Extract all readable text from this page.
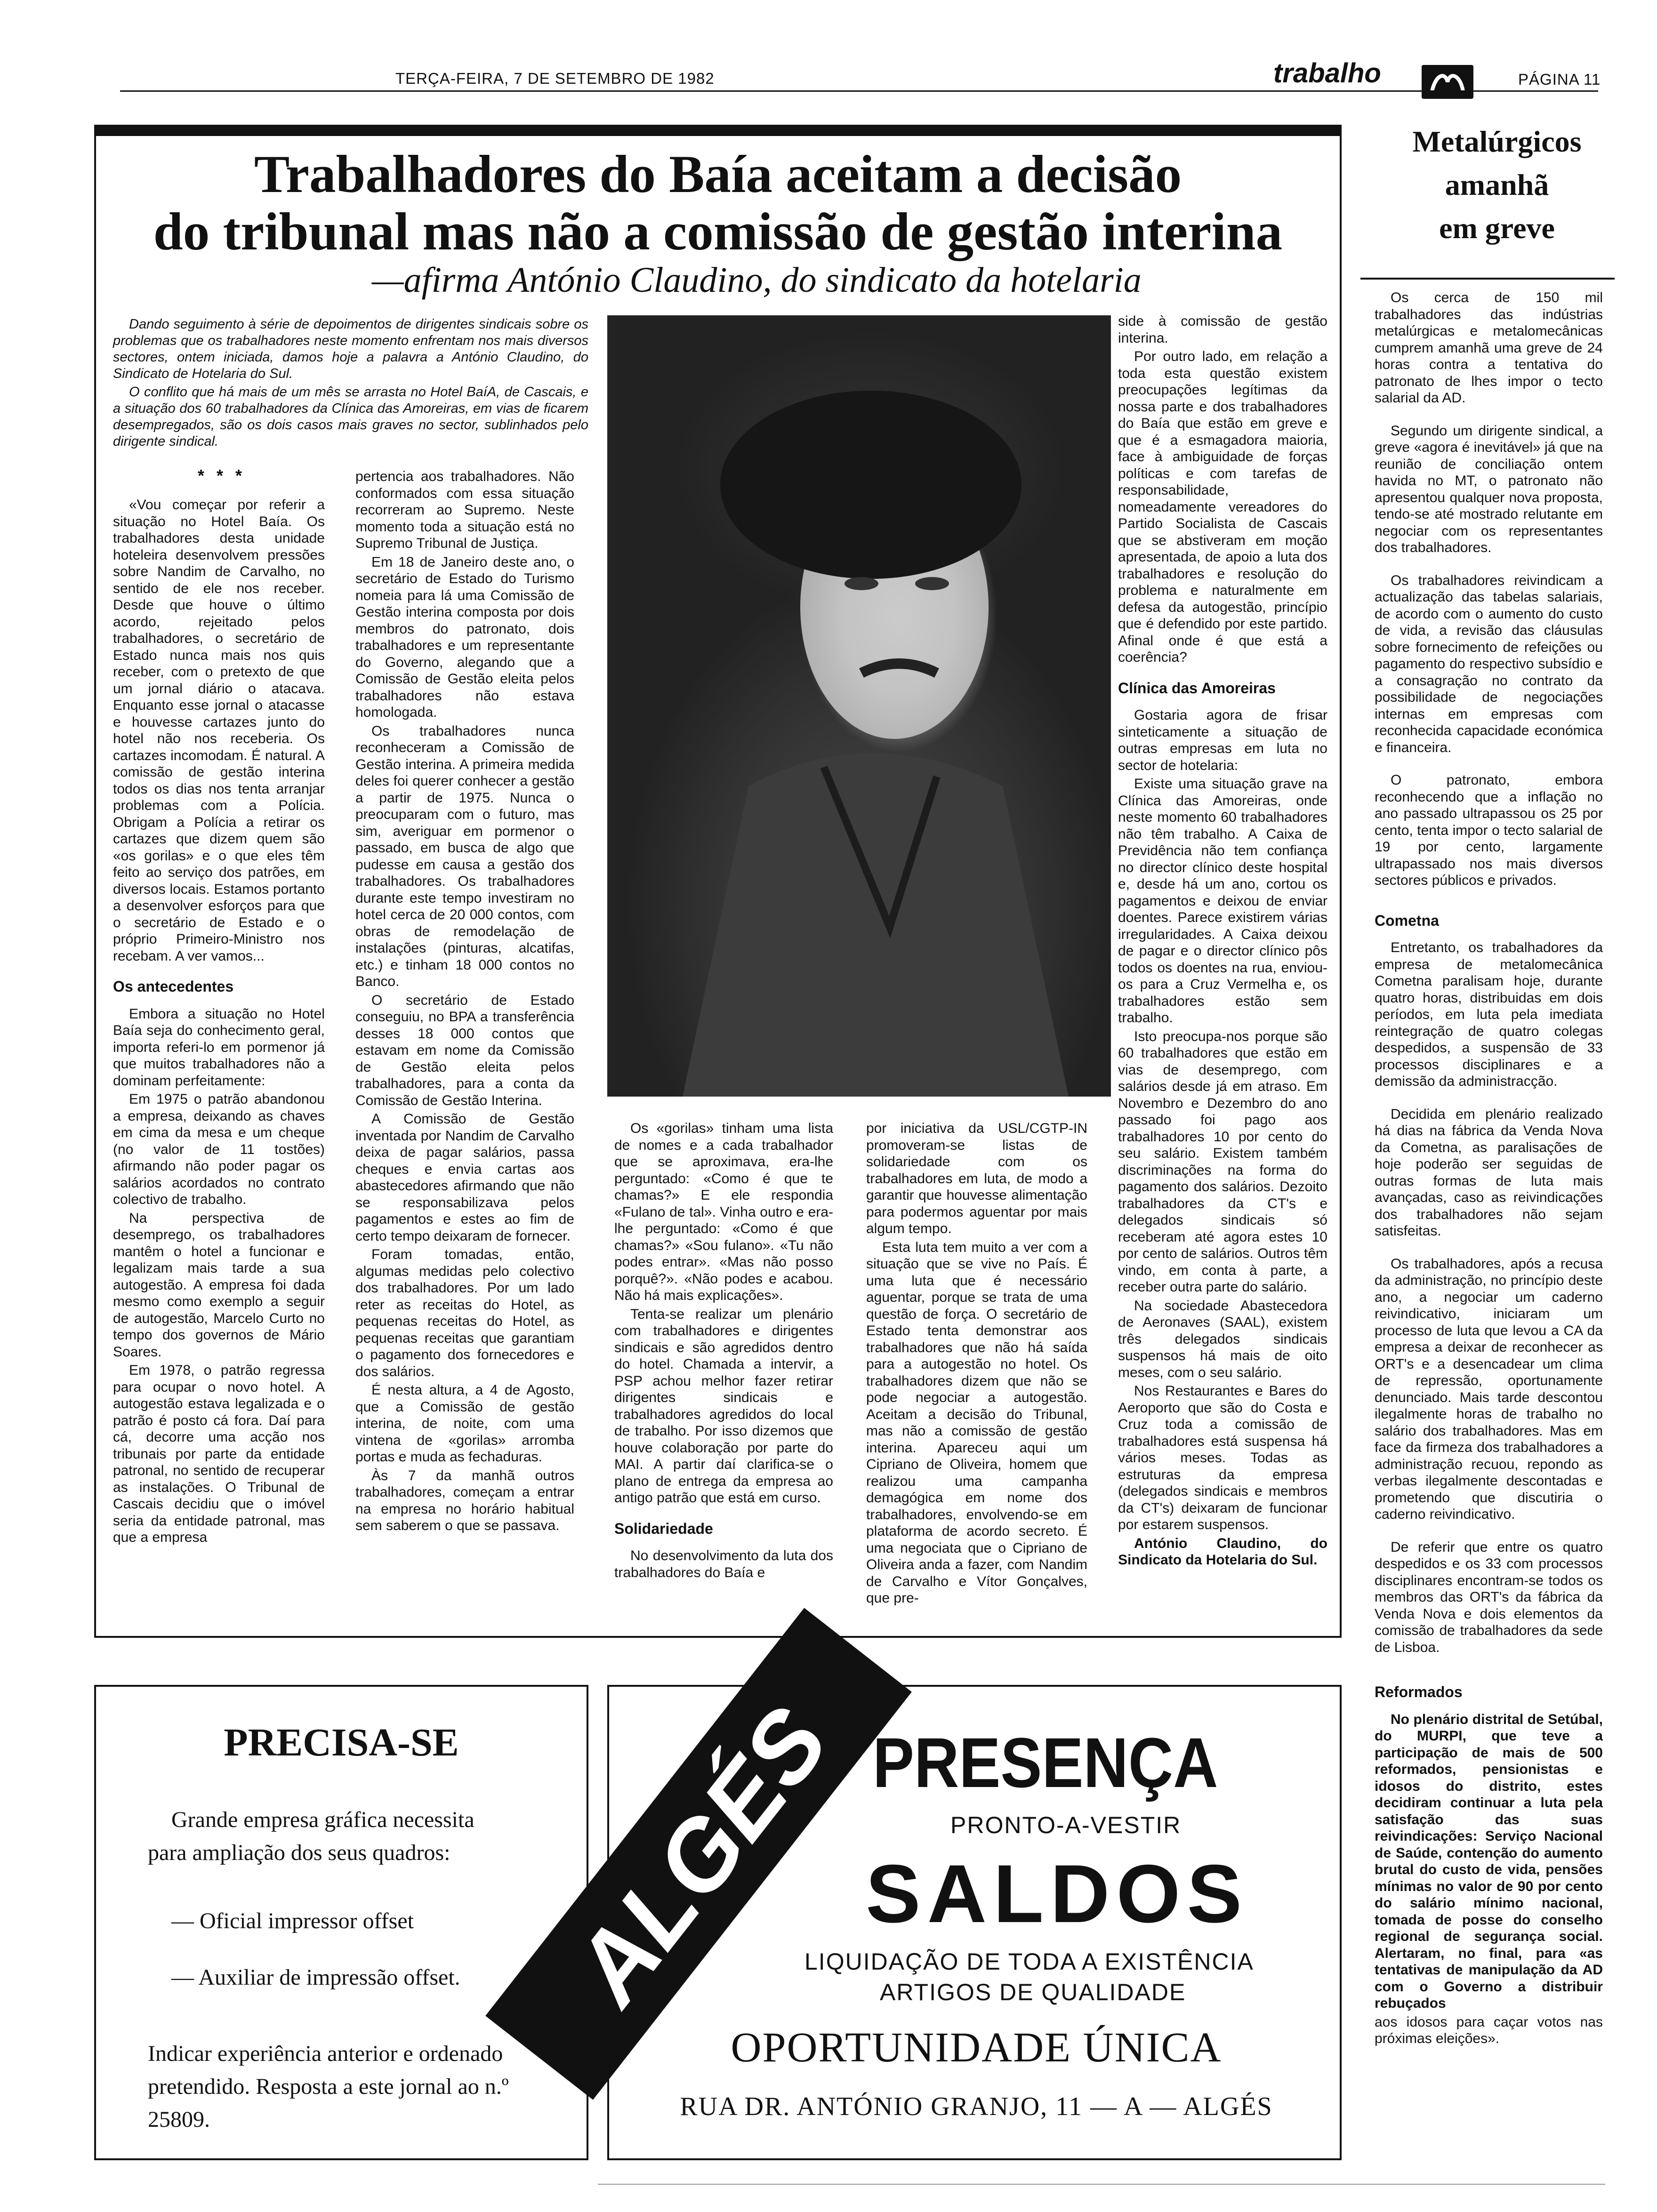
TERÇA-FEIRA, 7 DE SETEMBRO DE 1982	trabalho	PÁGINA 11
Trabalhadores do Baía aceitam a decisão
do tribunal mas não a comissão de gestão interina
—afirma António Claudino, do sindicato da hotelaria

Dando seguimento à série de depoimentos de dirigentes sindicais sobre os problemas que os trabalhadores neste momento enfrentam nos mais diversos sectores, ontem iniciada, damos hoje a palavra a António Claudino, do Sindicato de Hotelaria do Sul.

O conflito que há mais de um mês se arrasta no Hotel BaíA, de Cascais, e a situação dos 60 trabalhadores da Clínica das Amoreiras, em vias de ficarem desempregados, são os dois casos mais graves no sector, sublinhados pelo dirigente sindical.

* * *

«Vou começar por referir a situação no Hotel Baía. Os trabalhadores desta unidade hoteleira desenvolvem pressões sobre Nandim de Carvalho, no sentido de ele nos receber. Desde que houve o último acordo, rejeitado pelos trabalhadores, o secretário de Estado nunca mais nos quis receber, com o pretexto de que um jornal diário o atacava. Enquanto esse jornal o atacasse e houvesse cartazes junto do hotel não nos receberia. Os cartazes incomodam. É natural. A comissão de gestão interina todos os dias nos tenta arranjar problemas com a Polícia. Obrigam a Polícia a retirar os cartazes que dizem quem são «os gorilas» e o que eles têm feito ao serviço dos patrões, em diversos locais. Estamos portanto a desenvolver esforços para que o secretário de Estado e o próprio Primeiro-Ministro nos recebam. A ver vamos...

Os antecedentes

Embora a situação no Hotel Baía seja do conhecimento geral, importa referi-lo em pormenor já que muitos trabalhadores não a dominam perfeitamente:

Em 1975 o patrão abandonou a empresa, deixando as chaves em cima da mesa e um cheque (no valor de 11 tostões) afirmando não poder pagar os salários acordados no contrato colectivo de trabalho.

Na perspectiva de desemprego, os trabalhadores mantêm o hotel a funcionar e legalizam mais tarde a sua autogestão. A empresa foi dada mesmo como exemplo a seguir de autogestão, Marcelo Curto no tempo dos governos de Mário Soares.

Em 1978, o patrão regressa para ocupar o novo hotel. A autogestão estava legalizada e o patrão é posto cá fora. Daí para cá, decorre uma acção nos tribunais por parte da entidade patronal, no sentido de recuperar as instalações. O Tribunal de Cascais decidiu que o imóvel seria da entidade patronal, mas que a empresa

pertencia aos trabalhadores. Não conformados com essa situação recorreram ao Supremo. Neste momento toda a situação está no Supremo Tribunal de Justiça.

Em 18 de Janeiro deste ano, o secretário de Estado do Turismo nomeia para lá uma Comissão de Gestão interina composta por dois membros do patronato, dois trabalhadores e um representante do Governo, alegando que a Comissão de Gestão eleita pelos trabalhadores não estava homologada.

Os trabalhadores nunca reconheceram a Comissão de Gestão interina. A primeira medida deles foi querer conhecer a gestão a partir de 1975. Nunca o preocuparam com o futuro, mas sim, averiguar em pormenor o passado, em busca de algo que pudesse em causa a gestão dos trabalhadores. Os trabalhadores durante este tempo investiram no hotel cerca de 20 000 contos, com obras de remodelação de instalações (pinturas, alcatifas, etc.) e tinham 18 000 contos no Banco.

O secretário de Estado conseguiu, no BPA a transferência desses 18 000 contos que estavam em nome da Comissão de Gestão eleita pelos trabalhadores, para a conta da Comissão de Gestão Interina.

A Comissão de Gestão inventada por Nandim de Carvalho deixa de pagar salários, passa cheques e envia cartas aos abastecedores afirmando que não se responsabilizava pelos pagamentos e estes ao fim de certo tempo deixaram de fornecer.

Foram tomadas, então, algumas medidas pelo colectivo dos trabalhadores. Por um lado reter as receitas do Hotel, as pequenas receitas do Hotel, as pequenas receitas que garantiam o pagamento dos fornecedores e dos salários.

É nesta altura, a 4 de Agosto, que a Comissão de gestão interina, de noite, com uma vintena de «gorilas» arromba portas e muda as fechaduras.

Às 7 da manhã outros trabalhadores, começam a entrar na empresa no horário habitual sem saberem o que se passava.

Os «gorilas» tinham uma lista de nomes e a cada trabalhador que se aproximava, era-lhe perguntado: «Como é que te chamas?» E ele respondia «Fulano de tal». Vinha outro e era-lhe perguntado: «Como é que chamas?» «Sou fulano». «Tu não podes entrar». «Mas não posso porquê?». «Não podes e acabou. Não há mais explicações».

Tenta-se realizar um plenário com trabalhadores e dirigentes sindicais e são agredidos dentro do hotel. Chamada a intervir, a PSP achou melhor fazer retirar dirigentes sindicais e trabalhadores agredidos do local de trabalho. Por isso dizemos que houve colaboração por parte do MAI. A partir daí clarifica-se o plano de entrega da empresa ao antigo patrão que está em curso.

Solidariedade

No desenvolvimento da luta dos trabalhadores do Baía e

por iniciativa da USL/CGTP-IN promoveram-se listas de solidariedade com os trabalhadores em luta, de modo a garantir que houvesse alimentação para podermos aguentar por mais algum tempo.

Esta luta tem muito a ver com a situação que se vive no País. É uma luta que é necessário aguentar, porque se trata de uma questão de força. O secretário de Estado tenta demonstrar aos trabalhadores que não há saída para a autogestão no hotel. Os trabalhadores dizem que não se pode negociar a autogestão. Aceitam a decisão do Tribunal, mas não a comissão de gestão interina. Apareceu aqui um Cipriano de Oliveira, homem que realizou uma campanha demagógica em nome dos trabalhadores, envolvendo-se em plataforma de acordo secreto. É uma negociata que o Cipriano de Oliveira anda a fazer, com Nandim de Carvalho e Vítor Gonçalves, que pre-

side à comissão de gestão interina.

Por outro lado, em relação a toda esta questão existem preocupações legítimas da nossa parte e dos trabalhadores do Baía que estão em greve e que é a esmagadora maioria, face à ambiguidade de forças políticas e com tarefas de responsabilidade, nomeadamente vereadores do Partido Socialista de Cascais que se abstiveram em moção apresentada, de apoio a luta dos trabalhadores e resolução do problema e naturalmente em defesa da autogestão, princípio que é defendido por este partido. Afinal onde é que está a coerência?

Clínica das Amoreiras

Gostaria agora de frisar sinteticamente a situação de outras empresas em luta no sector de hotelaria:

Existe uma situação grave na Clínica das Amoreiras, onde neste momento 60 trabalhadores não têm trabalho. A Caixa de Previdência não tem confiança no director clínico deste hospital e, desde há um ano, cortou os pagamentos e deixou de enviar doentes. Parece existirem várias irregularidades. A Caixa deixou de pagar e o director clínico pôs todos os doentes na rua, enviou-os para a Cruz Vermelha e, os trabalhadores estão sem trabalho.

Isto preocupa-nos porque são 60 trabalhadores que estão em vias de desemprego, com salários desde já em atraso. Em Novembro e Dezembro do ano passado foi pago aos trabalhadores 10 por cento do seu salário. Existem também discriminações na forma do pagamento dos salários. Dezoito trabalhadores da CT's e delegados sindicais só receberam até agora estes 10 por cento de salários. Outros têm vindo, em conta à parte, a receber outra parte do salário.

Na sociedade Abastecedora de Aeronaves (SAAL), existem três delegados sindicais suspensos há mais de oito meses, com o seu salário.

Nos Restaurantes e Bares do Aeroporto que são do Costa e Cruz toda a comissão de trabalhadores está suspensa há vários meses. Todas as estruturas da empresa (delegados sindicais e membros da CT's) deixaram de funcionar por estarem suspensos.

António Claudino, do Sindicato da Hotelaria do Sul.

Metalúrgicos
amanhã
em greve

Os cerca de 150 mil trabalhadores das indústrias metalúrgicas e metalomecânicas cumprem amanhã uma greve de 24 horas contra a tentativa do patronato de lhes impor o tecto salarial da AD.

Segundo um dirigente sindical, a greve «agora é inevitável» já que na reunião de conciliação ontem havida no MT, o patronato não apresentou qualquer nova proposta, tendo-se até mostrado relutante em negociar com os representantes dos trabalhadores.

Os trabalhadores reivindicam a actualização das tabelas salariais, de acordo com o aumento do custo de vida, a revisão das cláusulas sobre fornecimento de refeições ou pagamento do respectivo subsídio e a consagração no contrato da possibilidade de negociações internas em empresas com reconhecida capacidade económica e financeira.

O patronato, embora reconhecendo que a inflação no ano passado ultrapassou os 25 por cento, tenta impor o tecto salarial de 19 por cento, largamente ultrapassado nos mais diversos sectores públicos e privados.

Cometna

Entretanto, os trabalhadores da empresa de metalomecânica Cometna paralisam hoje, durante quatro horas, distribuidas em dois períodos, em luta pela imediata reintegração de quatro colegas despedidos, a suspensão de 33 processos disciplinares e a demissão da administracção.

Decidida em plenário realizado há dias na fábrica da Venda Nova da Cometna, as paralisações de hoje poderão ser seguidas de outras formas de luta mais avançadas, caso as reivindicações dos trabalhadores não sejam satisfeitas.

Os trabalhadores, após a recusa da administração, no princípio deste ano, a negociar um caderno reivindicativo, iniciaram um processo de luta que levou a CA da empresa a deixar de reconhecer as ORT's e a desencadear um clima de repressão, oportunamente denunciado. Mais tarde descontou ilegalmente horas de trabalho no salário dos trabalhadores. Mas em face da firmeza dos trabalhadores a administração recuou, repondo as verbas ilegalmente descontadas e prometendo que discutiria o caderno reivindicativo.

De referir que entre os quatro despedidos e os 33 com processos disciplinares encontram-se todos os membros das ORT's da fábrica da Venda Nova e dois elementos da comissão de trabalhadores da sede de Lisboa.

Reformados

No plenário distrital de Setúbal, do MURPI, que teve a participação de mais de 500 reformados, pensionistas e idosos do distrito, estes decidiram continuar a luta pela satisfação das suas reivindicações: Serviço Nacional de Saúde, contenção do aumento brutal do custo de vida, pensões mínimas no valor de 90 por cento do salário mínimo nacional, tomada de posse do conselho regional de segurança social. Alertaram, no final, para «as tentativas de manipulação da AD com o Governo a distribuir rebuçados

aos idosos para caçar votos nas próximas eleições».

PRECISA-SE
Grande empresa gráfica necessita
para ampliação dos seus quadros:
— Oficial impressor offset
— Auxiliar de impressão offset.
Indicar experiência anterior e ordenado pretendido. Resposta a este jornal ao n.º 25809.
ALGÉS PRESENÇA
PRONTO-A-VESTIR
SALDOS
LIQUIDAÇÃO DE TODA A EXISTÊNCIA
ARTIGOS DE QUALIDADE
OPORTUNIDADE ÚNICA
RUA DR. ANTÓNIO GRANJO, 11 — A — ALGÉS
